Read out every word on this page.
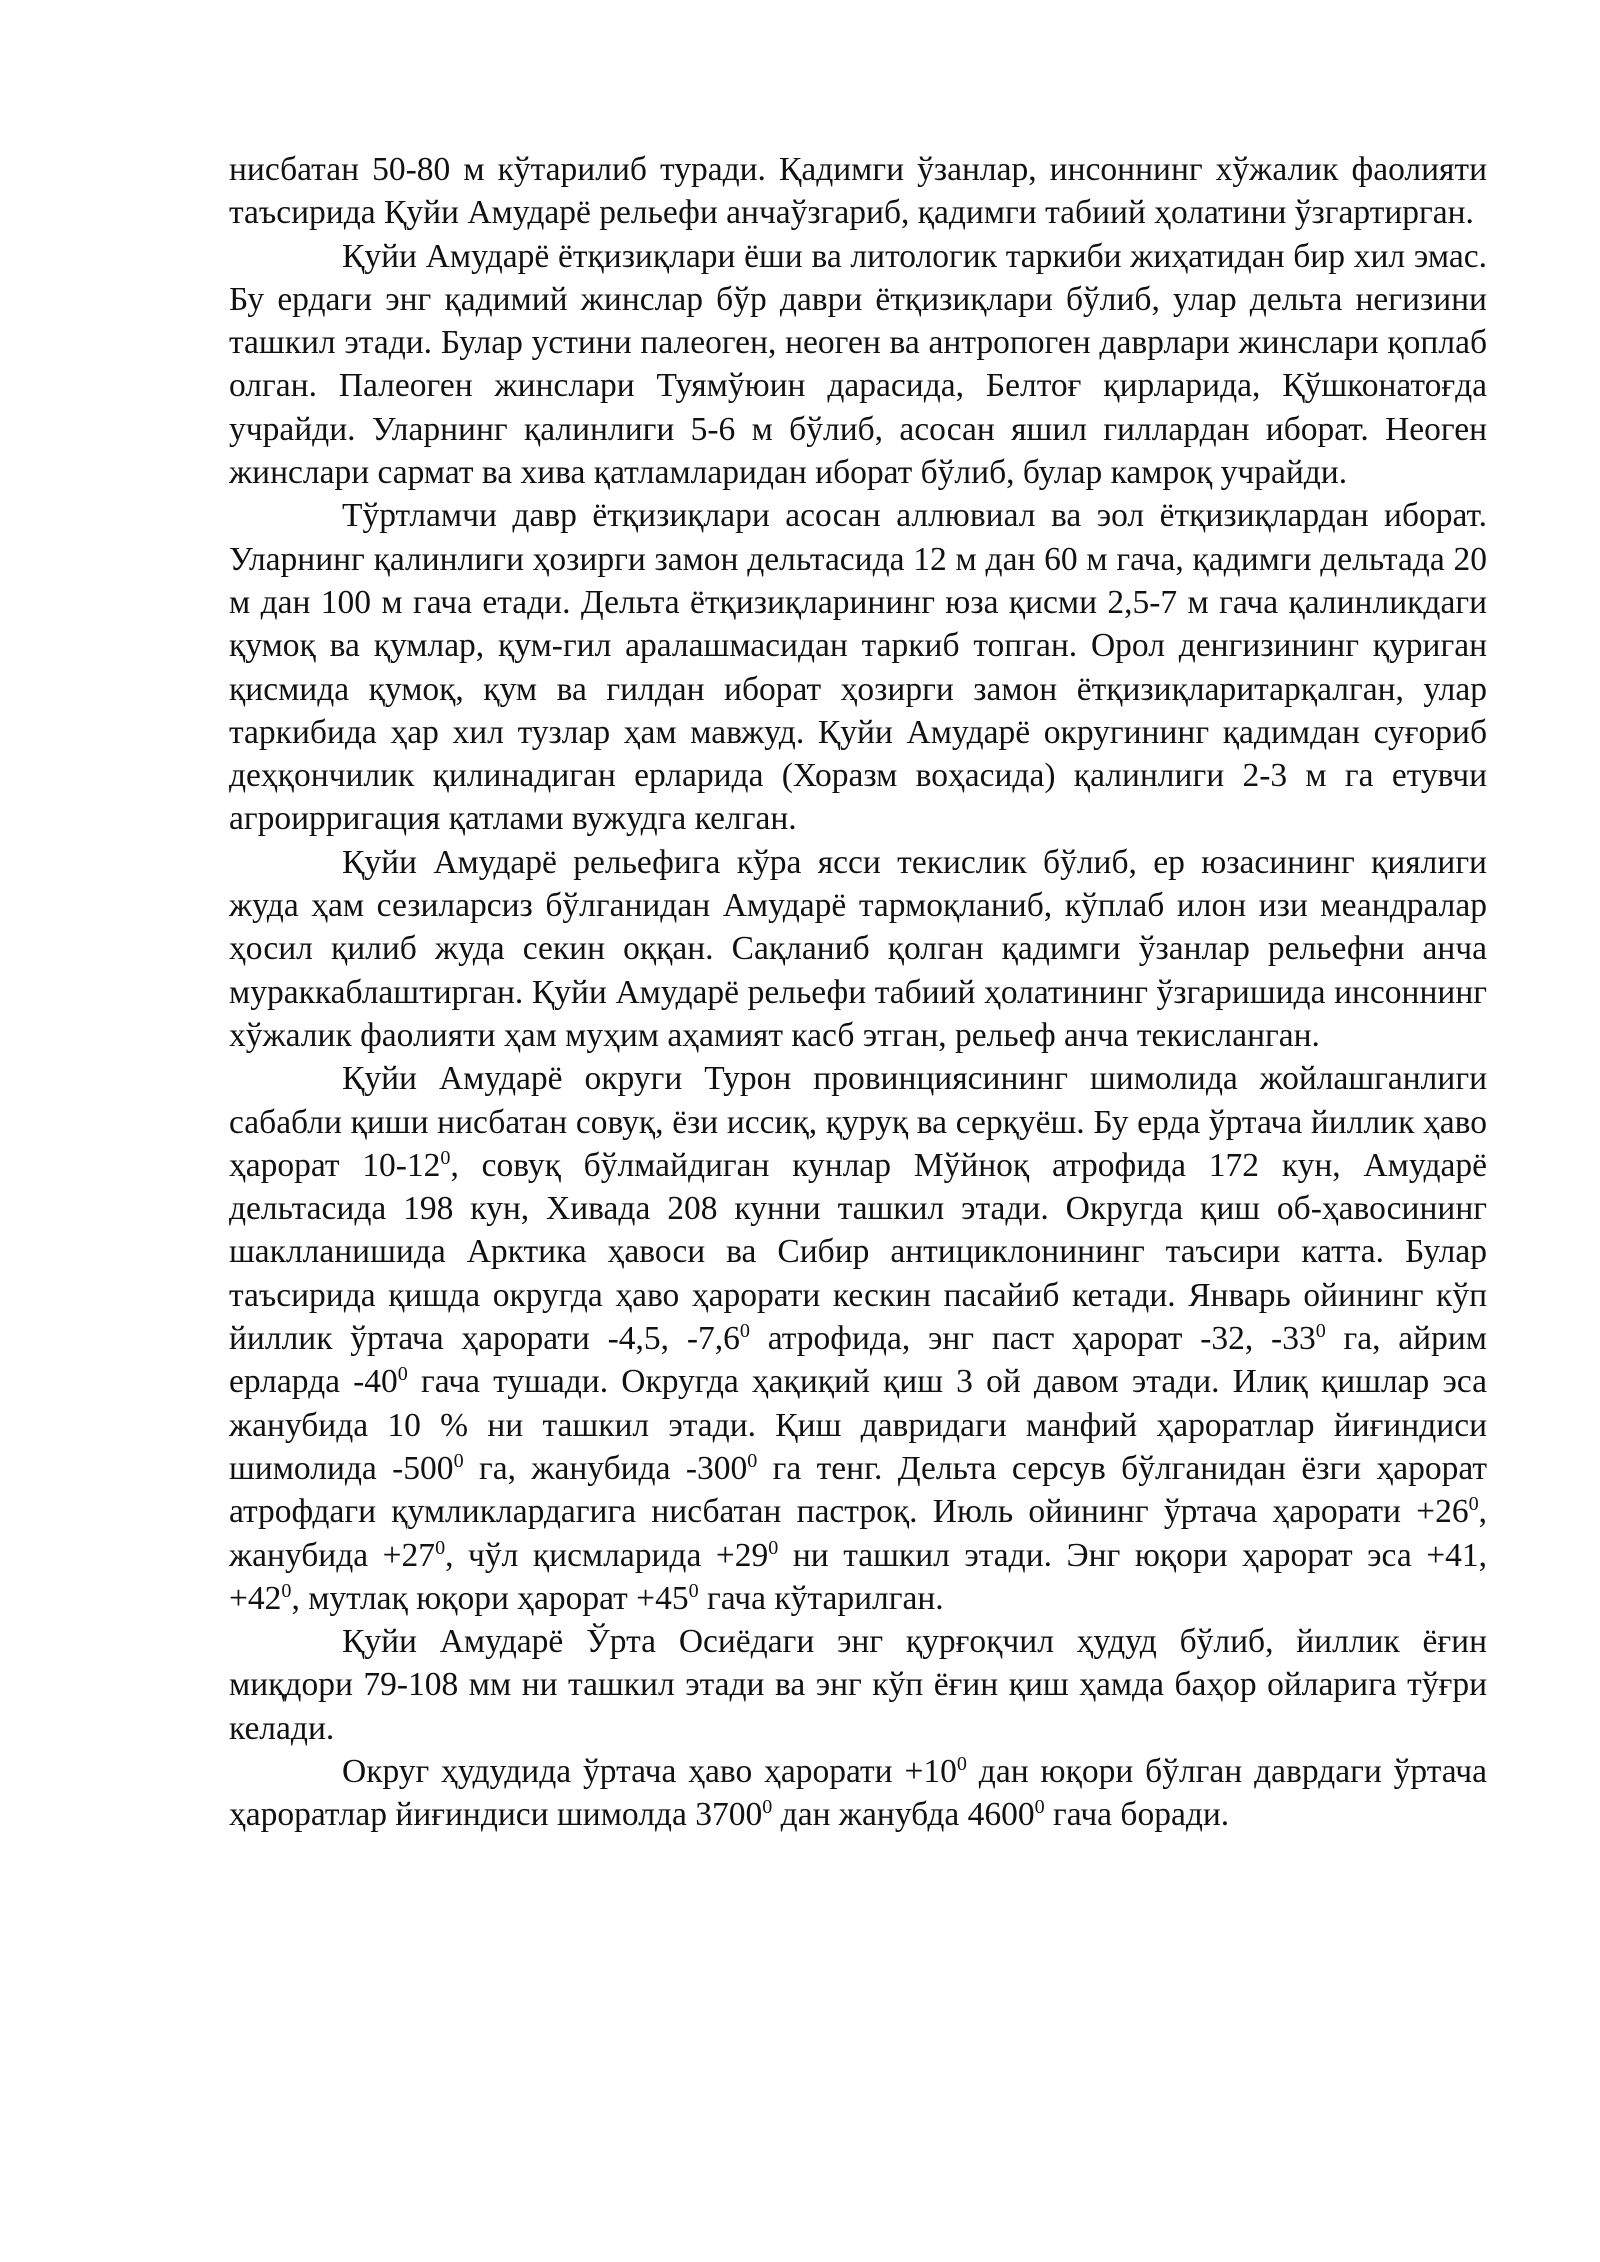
нисбатан 50-80 м кўтарилиб туради. Қадимги ўзанлар, инсоннинг хўжалик фаолияти таъсирида Қуйи Амударё рельефи анчаўзгариб, қадимги табиий ҳолатини ўзгартирган.

Қуйи Амударё ётқизиқлари ёши ва литологик таркиби жиҳатидан бир хил эмас. Бу ердаги энг қадимий жинслар бўр даври ётқизиқлари бўлиб, улар дельта негизини ташкил этади. Булар устини палеоген, неоген ва антропоген даврлари жинслари қоплаб олган. Палеоген жинслари Туямўюин дарасида, Белтоғ қирларида, Қўшконатоғда учрайди. Уларнинг қалинлиги 5-6 м бўлиб, асосан яшил гиллардан иборат. Неоген жинслари сармат ва хива қатламларидан иборат бўлиб, булар камроқ учрайди.

Тўртламчи давр ётқизиқлари асосан аллювиал ва эол ётқизиқлардан иборат. Уларнинг қалинлиги ҳозирги замон дельтасида 12 м дан 60 м гача, қадимги дельтада 20 м дан 100 м гача етади. Дельта ётқизиқларининг юза қисми 2,5-7 м гача қалинликдаги қумоқ ва қумлар, қум-гил аралашмасидан таркиб топган. Орол денгизининг қуриган қисмида қумоқ, қум ва гилдан иборат ҳозирги замон ётқизиқларитарқалган, улар таркибида ҳар хил тузлар ҳам мавжуд. Қуйи Амударё округининг қадимдан суғориб деҳқончилик қилинадиган ерларида (Хоразм воҳасида) қалинлиги 2-3 м га етувчи агроирригация қатлами вужудга келган.

Қуйи Амударё рельефига кўра ясси текислик бўлиб, ер юзасининг қиялиги жуда ҳам сезиларсиз бўлганидан Амударё тармоқланиб, кўплаб илон изи меандралар ҳосил қилиб жуда секин оққан. Сақланиб қолган қадимги ўзанлар рельефни анча мураккаблаштирган. Қуйи Амударё рельефи табиий ҳолатининг ўзгаришида инсоннинг хўжалик фаолияти ҳам муҳим аҳамият касб этган, рельеф анча текисланган.

Қуйи Амударё округи Турон провинциясининг шимолида жойлашганлиги сабабли қиши нисбатан совуқ, ёзи иссиқ, қуруқ ва серқуёш. Бу ерда ўртача йиллик ҳаво ҳарорат $10-12^0$, совуқ бўлмайдиган кунлар Мўйноқ атрофида 172 кун, Амударё дельтасида 198 кун, Хивада 208 кунни ташкил этади. Округда қиш об-ҳавосининг шаклланишида Арктика ҳавоси ва Сибир антициклонининг таъсири катта. Булар таъсирида қишда округда ҳаво ҳарорати кескин пасайиб кетади. Январь ойининг кўп йиллик ўртача ҳарорати -4,5, $-7,6^0$ атрофида, энг паст ҳарорат -32, $-33^0$ га, айрим ерларда $-40^0$ гача тушади. Округда ҳақиқий қиш 3 ой давом этади. Илиқ қишлар эса жанубида 10 % ни ташкил этади. Қиш давридаги манфий ҳароратлар йиғиндиси шимолида $-500^0$ га, жанубида $-300^0$ га тенг. Дельта серсув бўлганидан ёзги ҳарорат атрофдаги қумликлардагига нисбатан пастроқ. Июль ойининг ўртача ҳарорати $+26^0$, жанубида $+27^0$, чўл қисмларида $+29^0$ ни ташкил этади. Энг юқори ҳарорат эса +41, $+42^0$, мутлақ юқори ҳарорат $+45^0$ гача кўтарилган.

Қуйи Амударё Ўрта Осиёдаги энг қурғоқчил ҳудуд бўлиб, йиллик ёғин миқдори 79-108 мм ни ташкил этади ва энг кўп ёғин қиш ҳамда баҳор ойларига тўғри келади.

Округ ҳудудида ўртача ҳаво ҳарорати $+10^0$ дан юқори бўлган даврдаги ўртача ҳароратлар йиғиндиси шимолда 3700$^0$ дан жанубда 4600$^0$ гача боради.
